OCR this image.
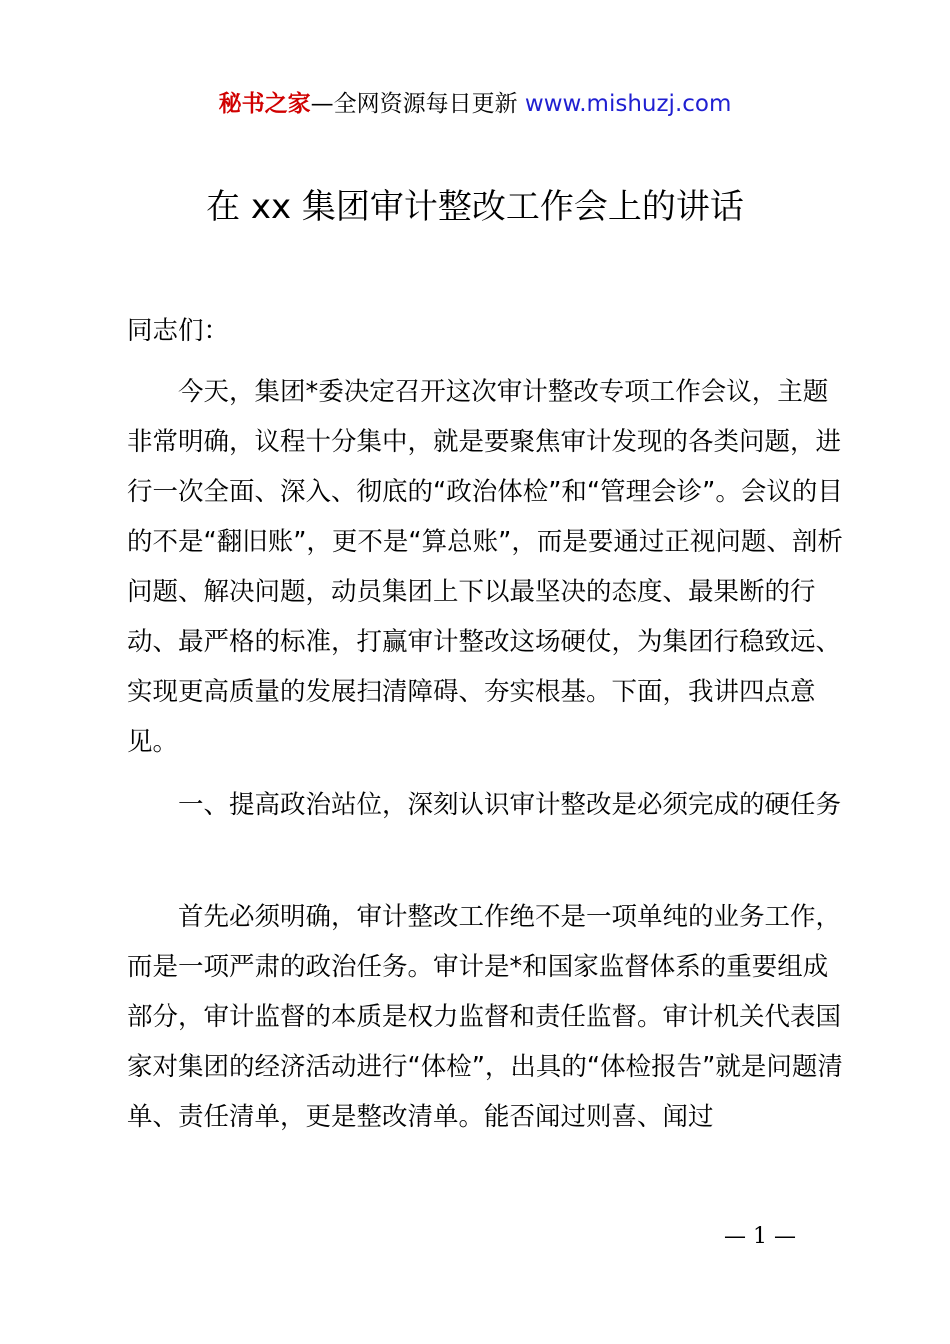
秘书之家—全网资源每日更新 www.mishuzj.com
在 xx 集团审计整改工作会上的讲话
同志们：
今天，集团*委决定召开这次审计整改专项工作会议，主题非常明确，议程十分集中，就是要聚焦审计发现的各类问题，进行一次全面、深入、彻底的“政治体检”和“管理会诊”。会议的目的不是“翻旧账”，更不是“算总账”，而是要通过正视问题、剖析问题、解决问题，动员集团上下以最坚决的态度、最果断的行动、最严格的标准，打赢审计整改这场硬仗，为集团行稳致远、实现更高质量的发展扫清障碍、夯实根基。下面，我讲四点意见。
一、提高政治站位，深刻认识审计整改是必须完成的硬任务
首先必须明确，审计整改工作绝不是一项单纯的业务工作，而是一项严肃的政治任务。审计是*和国家监督体系的重要组成部分，审计监督的本质是权力监督和责任监督。审计机关代表国家对集团的经济活动进行“体检”，出具的“体检报告”就是问题清单、责任清单，更是整改清单。能否闻过则喜、闻过
— 1 —
